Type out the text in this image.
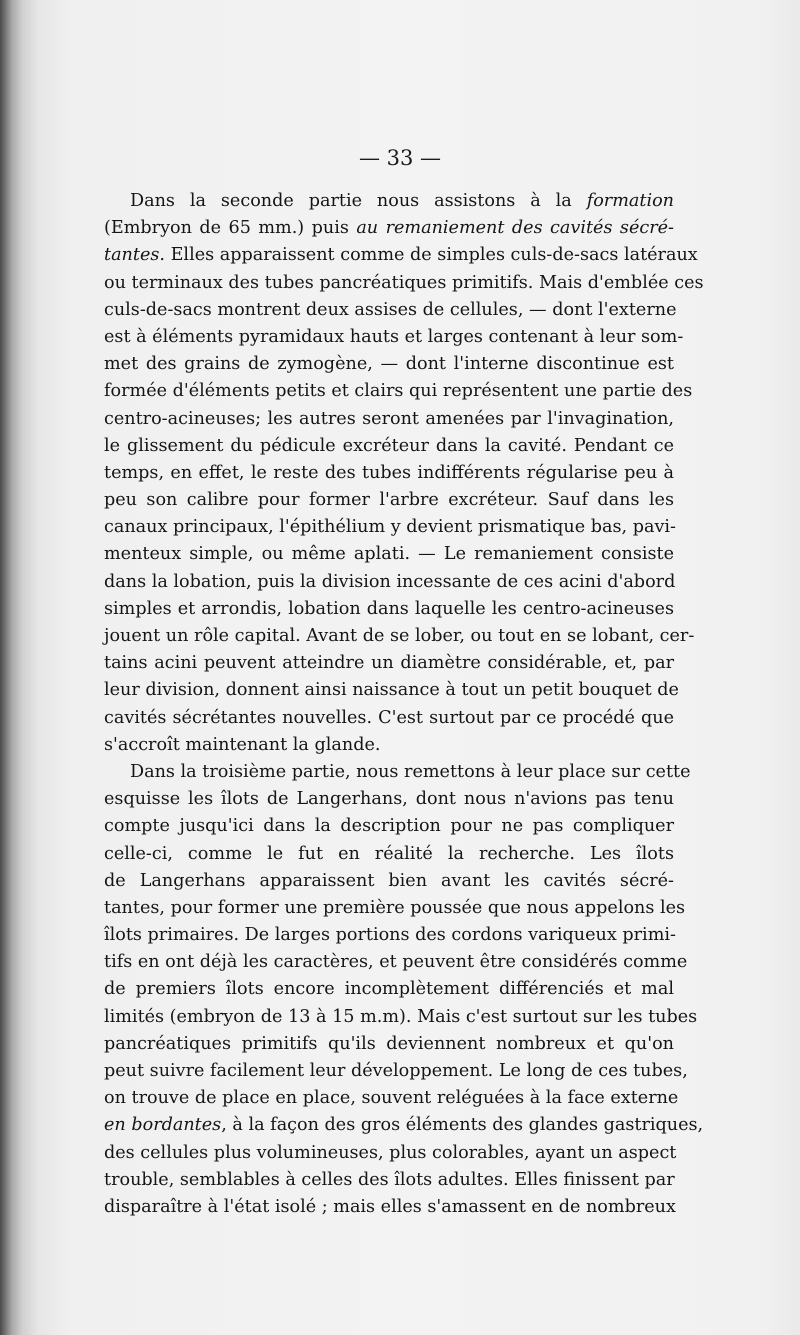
— 33 —

Dans la seconde partie nous assistons à la formation
(Embryon de 65 mm.) puis au remaniement des cavités sécré-
tantes. Elles apparaissent comme de simples culs-de-sacs latéraux
ou terminaux des tubes pancréatiques primitifs. Mais d'emblée ces
culs-de-sacs montrent deux assises de cellules, — dont l'externe
est à éléments pyramidaux hauts et larges contenant à leur som-
met des grains de zymogène, — dont l'interne discontinue est
formée d'éléments petits et clairs qui représentent une partie des
centro-acineuses; les autres seront amenées par l'invagination,
le glissement du pédicule excréteur dans la cavité. Pendant ce
temps, en effet, le reste des tubes indifférents régularise peu à
peu son calibre pour former l'arbre excréteur. Sauf dans les
canaux principaux, l'épithélium y devient prismatique bas, pavi-
menteux simple, ou même aplati. — Le remaniement consiste
dans la lobation, puis la division incessante de ces acini d'abord
simples et arrondis, lobation dans laquelle les centro-acineuses
jouent un rôle capital. Avant de se lober, ou tout en se lobant, cer-
tains acini peuvent atteindre un diamètre considérable, et, par
leur division, donnent ainsi naissance à tout un petit bouquet de
cavités sécrétantes nouvelles. C'est surtout par ce procédé que
s'accroît maintenant la glande.
Dans la troisième partie, nous remettons à leur place sur cette
esquisse les îlots de Langerhans, dont nous n'avions pas tenu
compte jusqu'ici dans la description pour ne pas compliquer
celle-ci, comme le fut en réalité la recherche. Les îlots
de Langerhans apparaissent bien avant les cavités sécré-
tantes, pour former une première poussée que nous appelons les
îlots primaires. De larges portions des cordons variqueux primi-
tifs en ont déjà les caractères, et peuvent être considérés comme
de premiers îlots encore incomplètement différenciés et mal
limités (embryon de 13 à 15 m.m). Mais c'est surtout sur les tubes
pancréatiques primitifs qu'ils deviennent nombreux et qu'on
peut suivre facilement leur développement. Le long de ces tubes,
on trouve de place en place, souvent reléguées à la face externe
en bordantes, à la façon des gros éléments des glandes gastriques,
des cellules plus volumineuses, plus colorables, ayant un aspect
trouble, semblables à celles des îlots adultes. Elles finissent par
disparaître à l'état isolé ; mais elles s'amassent en de nombreux
